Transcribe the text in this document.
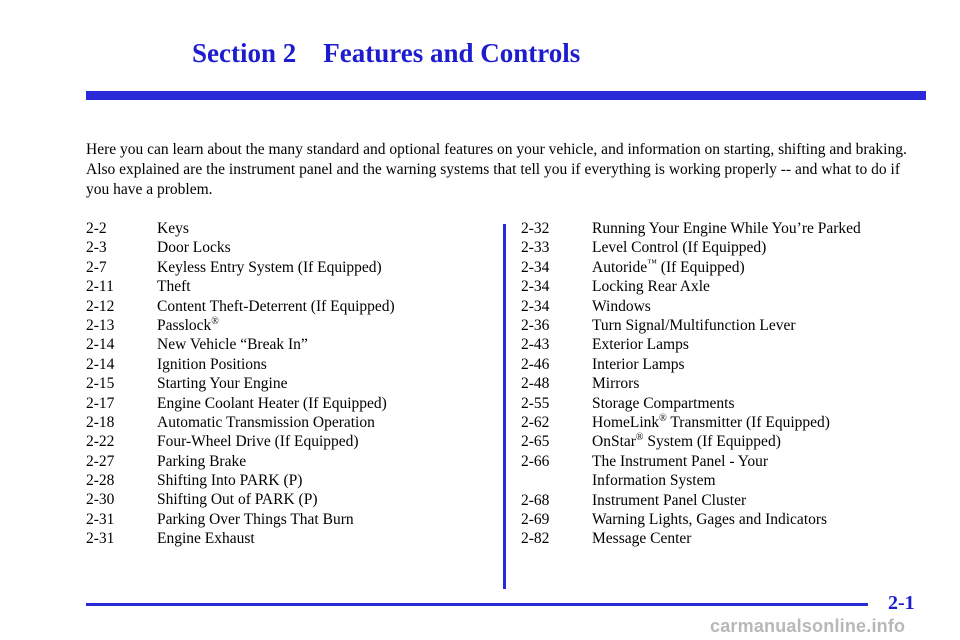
Section 2    Features and Controls

Here you can learn about the many standard and optional features on your vehicle, and information on starting, shifting and braking. Also explained are the instrument panel and the warning systems that tell you if everything is working properly -- and what to do if you have a problem.

2-2	Keys
2-3	Door Locks
2-7	Keyless Entry System (If Equipped)
2-11	Theft
2-12	Content Theft-Deterrent (If Equipped)
2-13	Passlock®
2-14	New Vehicle “Break In”
2-14	Ignition Positions
2-15	Starting Your Engine
2-17	Engine Coolant Heater (If Equipped)
2-18	Automatic Transmission Operation
2-22	Four-Wheel Drive (If Equipped)
2-27	Parking Brake
2-28	Shifting Into PARK (P)
2-30	Shifting Out of PARK (P)
2-31	Parking Over Things That Burn
2-31	Engine Exhaust
2-32	Running Your Engine While You’re Parked
2-33	Level Control (If Equipped)
2-34	Autoride™ (If Equipped)
2-34	Locking Rear Axle
2-34	Windows
2-36	Turn Signal/Multifunction Lever
2-43	Exterior Lamps
2-46	Interior Lamps
2-48	Mirrors
2-55	Storage Compartments
2-62	HomeLink® Transmitter (If Equipped)
2-65	OnStar® System (If Equipped)
2-66	The Instrument Panel - Your
Information System
2-68	Instrument Panel Cluster
2-69	Warning Lights, Gages and Indicators
2-82	Message Center

2-1

carmanualsonline.info
